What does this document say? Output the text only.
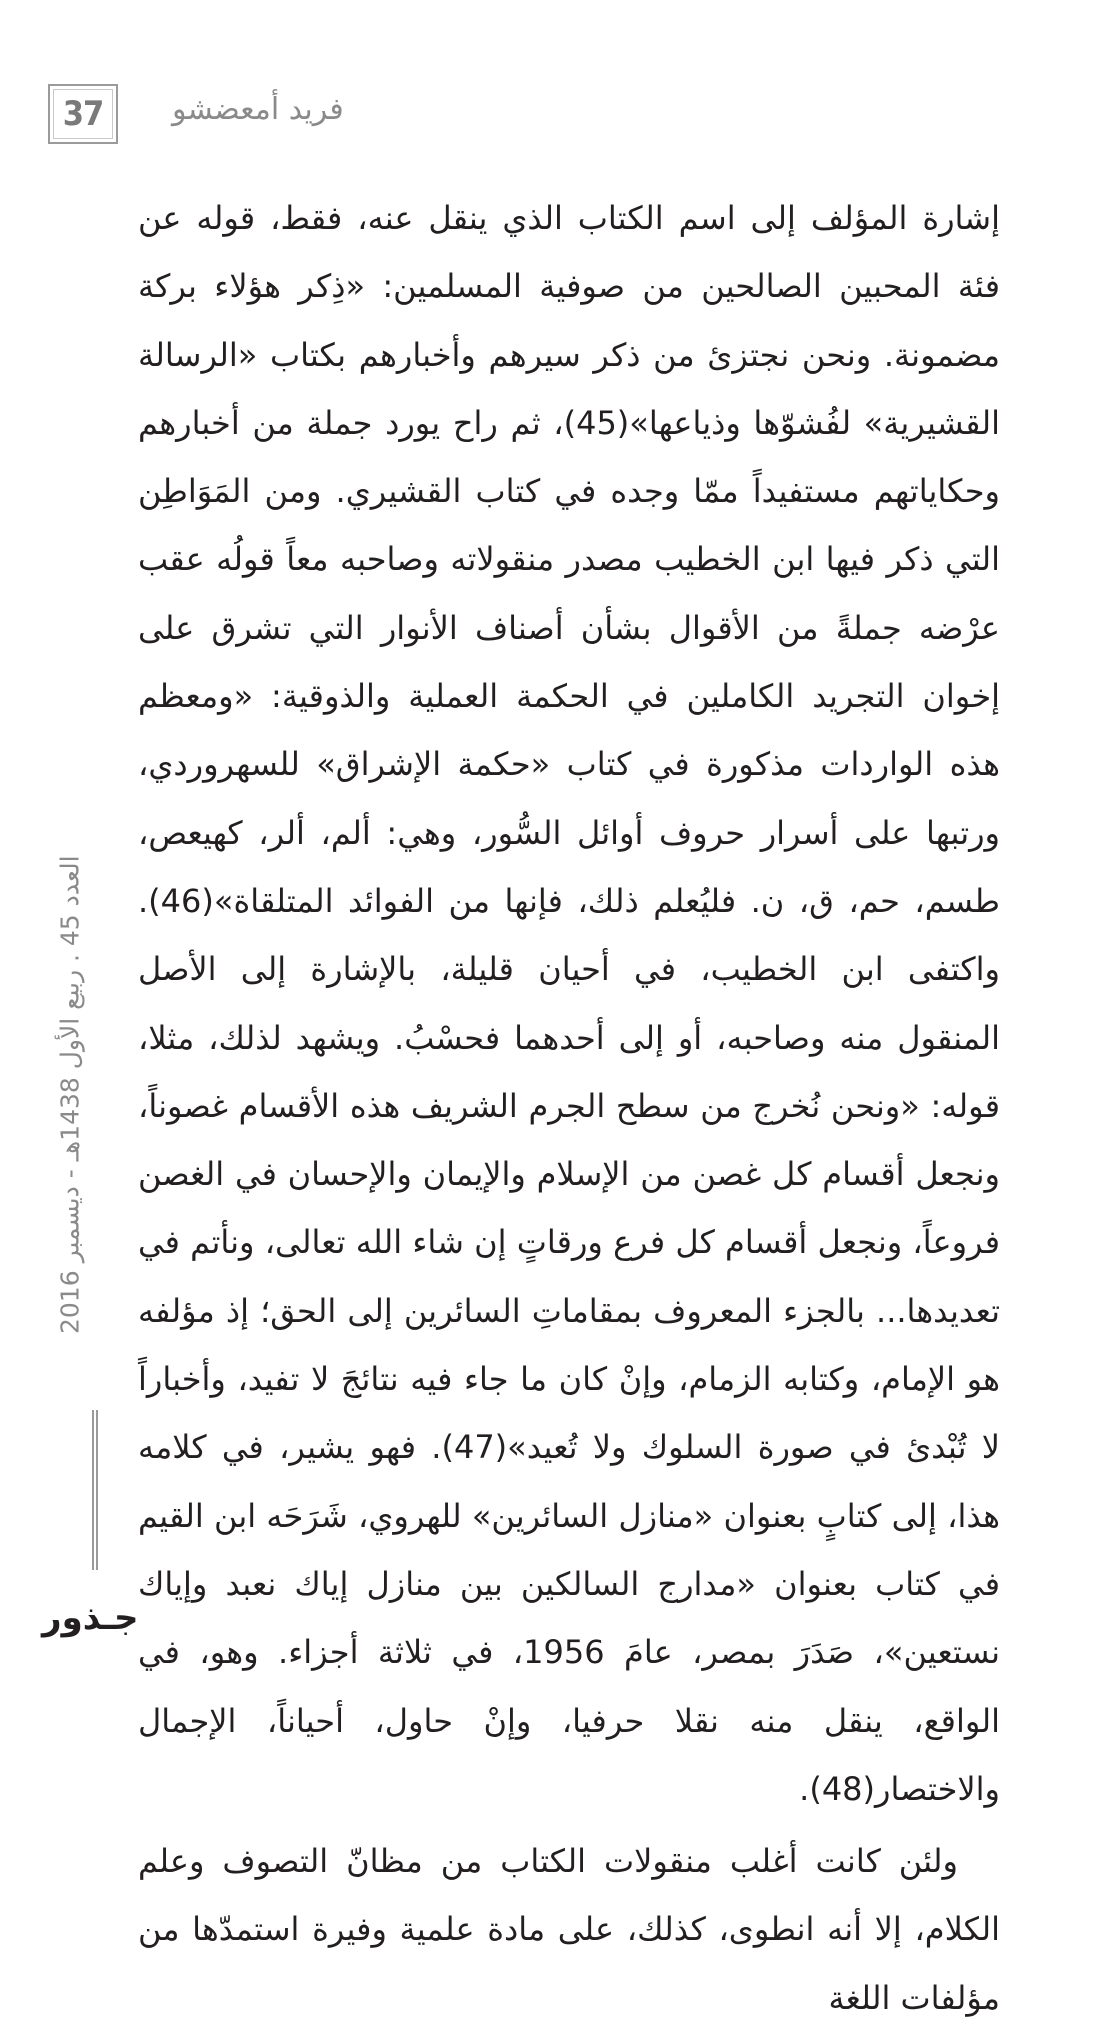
37	فريد أمعضشو

إشارة المؤلف إلى اسم الكتاب الذي ينقل عنه، فقط، قوله عن فئة المحبين الصالحين من صوفية المسلمين: «ذِكر هؤلاء بركة مضمونة. ونحن نجتزئ من ذكر سيرهم وأخبارهم بكتاب «الرسالة القشيرية» لفُشوّها وذياعها»(45)، ثم راح يورد جملة من أخبارهم وحكاياتهم مستفيداً ممّا وجده في كتاب القشيري. ومن المَوَاطِن التي ذكر فيها ابن الخطيب مصدر منقولاته وصاحبه معاً قولُه عقب عرْضه جملةً من الأقوال بشأن أصناف الأنوار التي تشرق على إخوان التجريد الكاملين في الحكمة العملية والذوقية: «ومعظم هذه الواردات مذكورة في كتاب «حكمة الإشراق» للسهروردي، ورتبها على أسرار حروف أوائل السُّور، وهي: ألم، ألر، كهيعص، طسم، حم، ق، ن. فليُعلم ذلك، فإنها من الفوائد المتلقاة»(46). واكتفى ابن الخطيب، في أحيان قليلة، بالإشارة إلى الأصل المنقول منه وصاحبه، أو إلى أحدهما فحسْبُ. ويشهد لذلك، مثلا، قوله: «ونحن نُخرج من سطح الجرم الشريف هذه الأقسام غصوناً، ونجعل أقسام كل غصن من الإسلام والإيمان والإحسان في الغصن فروعاً، ونجعل أقسام كل فرع ورقاتٍ إن شاء الله تعالى، ونأتم في تعديدها... بالجزء المعروف بمقاماتِ السائرين إلى الحق؛ إذ مؤلفه هو الإمام، وكتابه الزمام، وإنْ كان ما جاء فيه نتائجَ لا تفيد، وأخباراً لا تُبْدئ في صورة السلوك ولا تُعيد»(47). فهو يشير، في كلامه هذا، إلى كتابٍ بعنوان «منازل السائرين» للهروي، شَرَحَه ابن القيم في كتاب بعنوان «مدارج السالكين بين منازل إياك نعبد وإياك نستعين»، صَدَرَ بمصر، عامَ 1956، في ثلاثة أجزاء. وهو، في الواقع، ينقل منه نقلا حرفيا، وإنْ حاول، أحياناً، الإجمال والاختصار(48).

ولئن كانت أغلب منقولات الكتاب من مظانّ التصوف وعلم الكلام، إلا أنه انطوى، كذلك، على مادة علمية وفيرة استمدّها من مؤلفات اللغة

العدد 45 . ربيع الأول 1438هـ - ديسمبر 2016
جـذور
